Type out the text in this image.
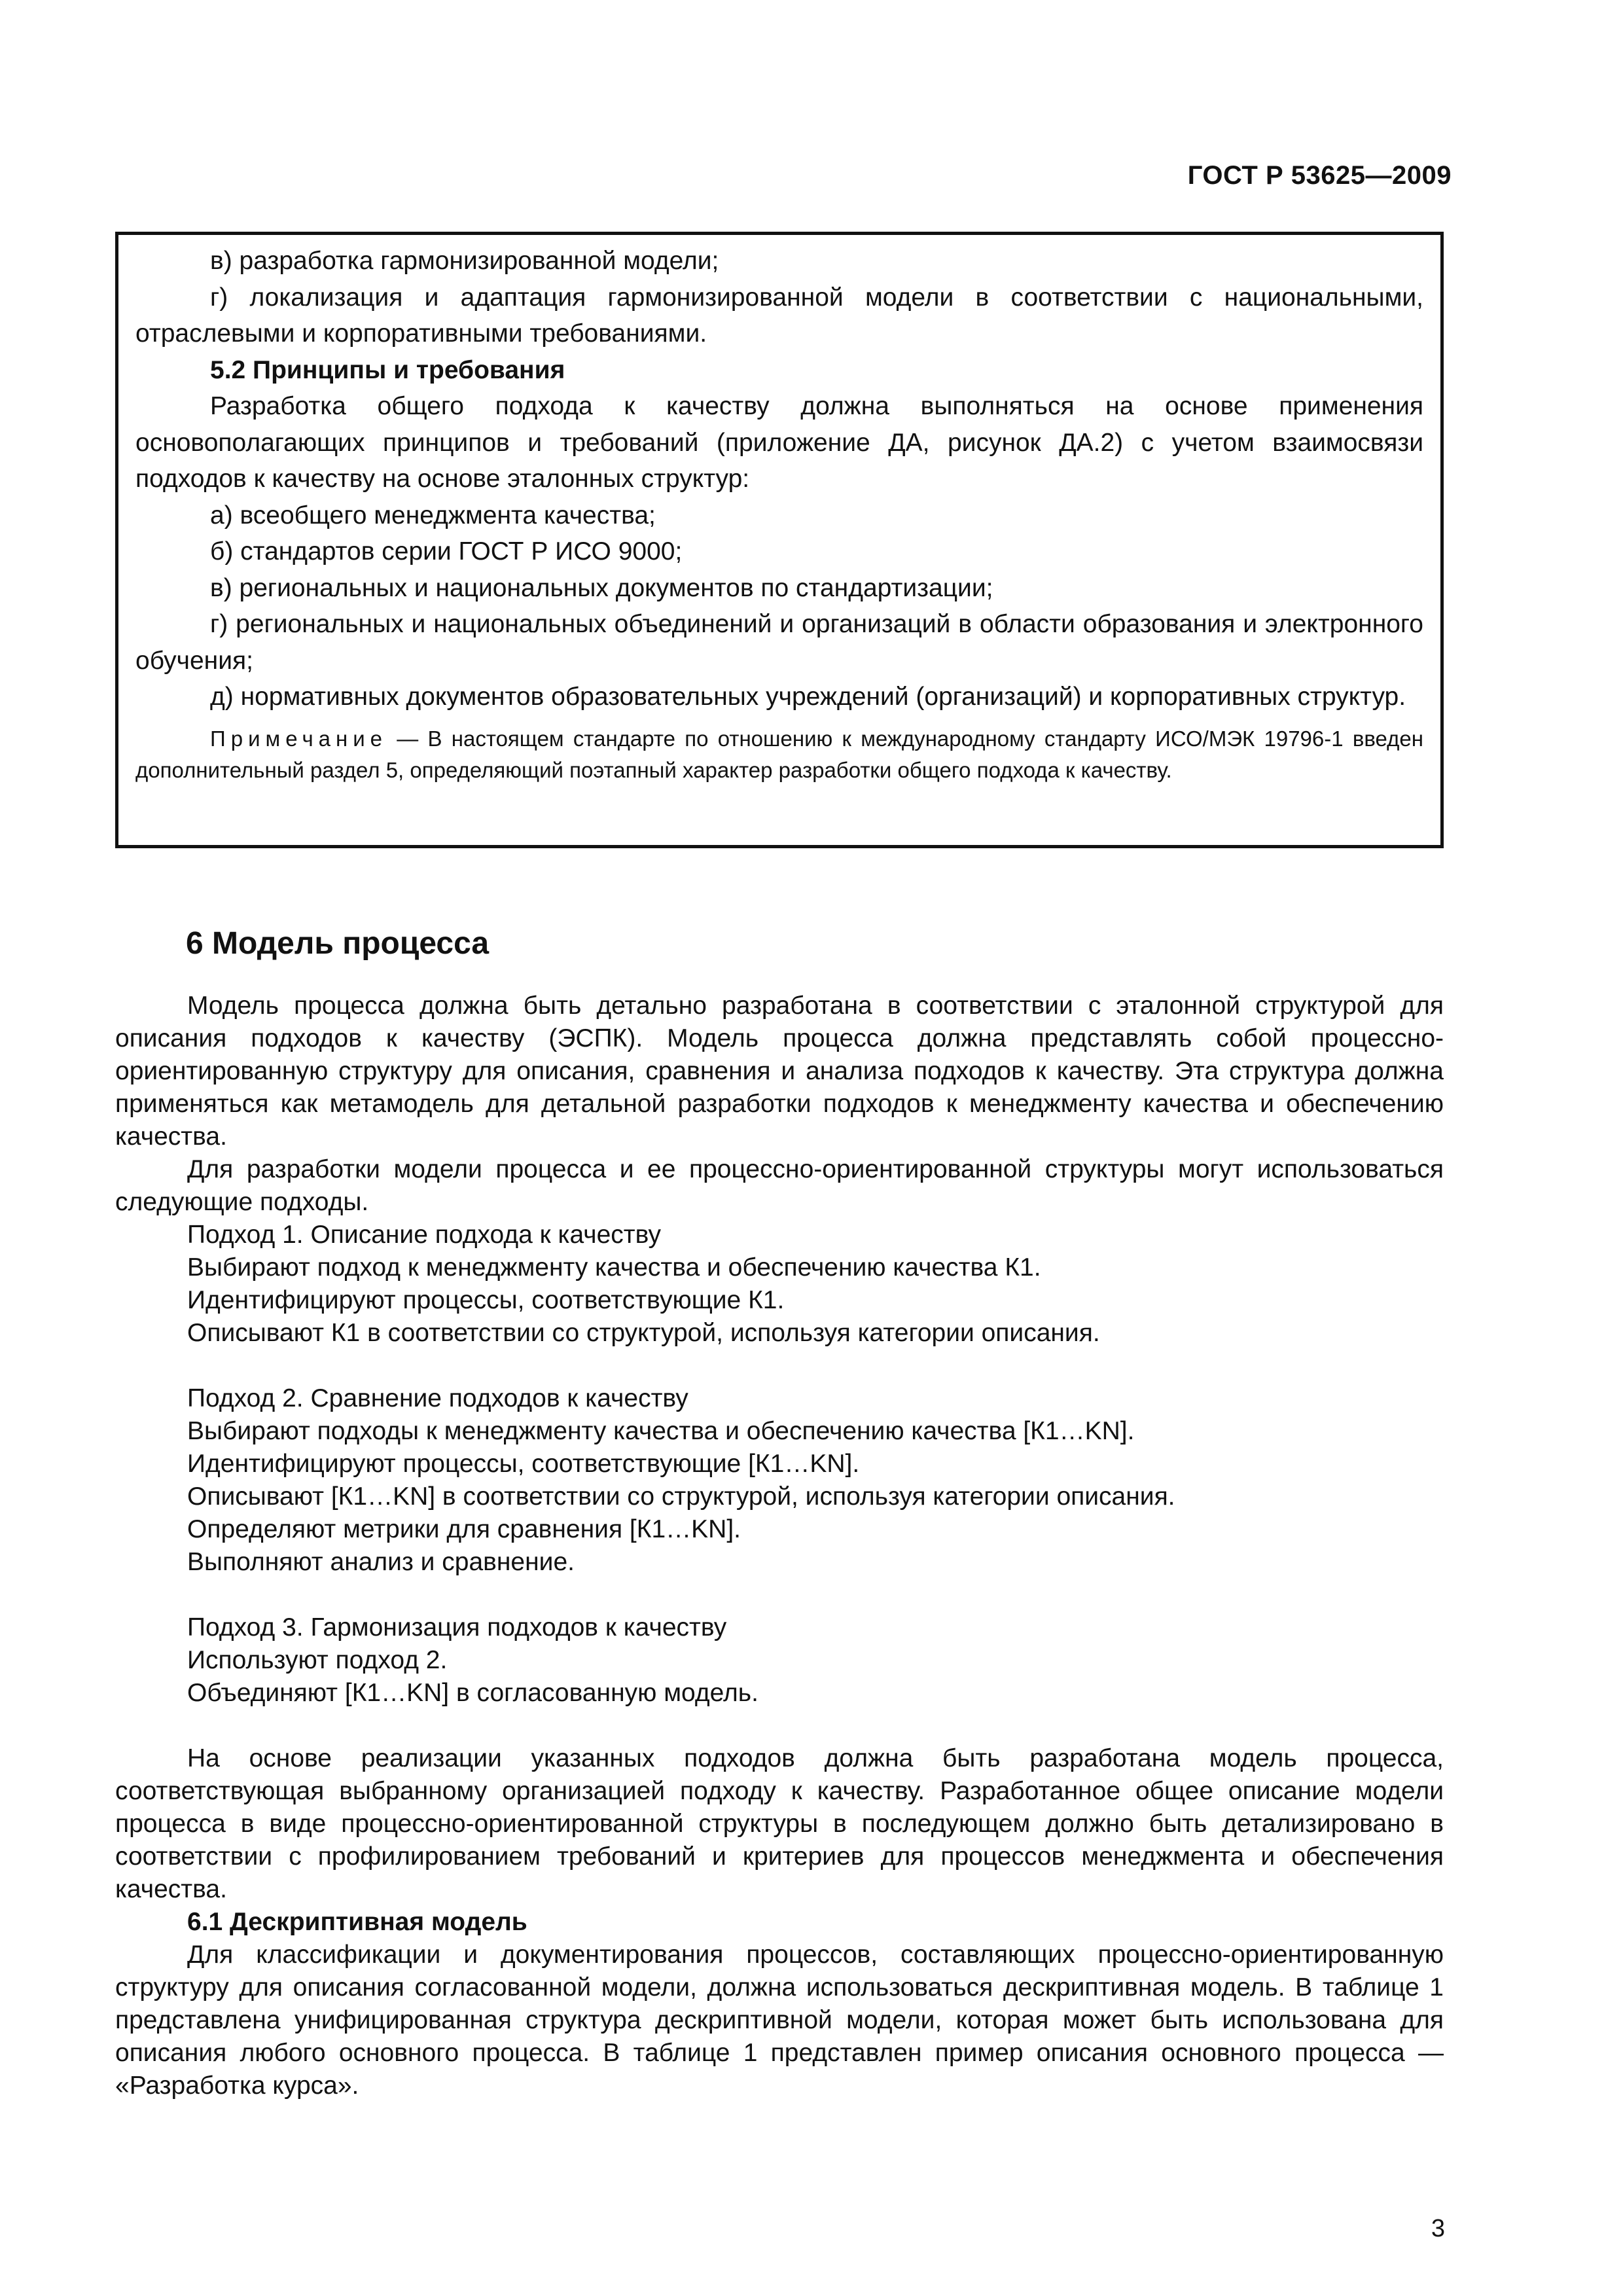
ГОСТ Р 53625—2009

в) разработка гармонизированной модели;

г) локализация и адаптация гармонизированной модели в соответствии с национальными, отраслевыми и корпоративными требованиями.

5.2 Принципы и требования

Разработка общего подхода к качеству должна выполняться на основе применения основополагающих принципов и требований (приложение ДА, рисунок ДА.2) с учетом взаимосвязи подходов к качеству на основе эталонных структур:

а) всеобщего менеджмента качества;

б) стандартов серии ГОСТ Р ИСО 9000;

в) региональных и национальных документов по стандартизации;

г) региональных и национальных объединений и организаций в области образования и электронного обучения;

д) нормативных документов образовательных учреждений (организаций) и корпоративных структур.

Примечание — В настоящем стандарте по отношению к международному стандарту ИСО/МЭК 19796-1 введен дополнительный раздел 5, определяющий поэтапный характер разработки общего подхода к качеству.

6 Модель процесса

Модель процесса должна быть детально разработана в соответствии с эталонной структурой для описания подходов к качеству (ЭСПК). Модель процесса должна представлять собой процессно-ориентированную структуру для описания, сравнения и анализа подходов к качеству. Эта структура должна применяться как метамодель для детальной разработки подходов к менеджменту качества и обеспечению качества.

Для разработки модели процесса и ее процессно-ориентированной структуры могут использоваться следующие подходы.

Подход 1. Описание подхода к качеству

Выбирают подход к менеджменту качества и обеспечению качества К1.

Идентифицируют процессы, соответствующие К1.

Описывают К1 в соответствии со структурой, используя категории описания.

Подход 2. Сравнение подходов к качеству

Выбирают подходы к менеджменту качества и обеспечению качества [К1…KN].

Идентифицируют процессы, соответствующие [К1…KN].

Описывают [К1…KN] в соответствии со структурой, используя категории описания.

Определяют метрики для сравнения [К1…KN].

Выполняют анализ и сравнение.

Подход 3. Гармонизация подходов к качеству

Используют подход 2.

Объединяют [К1…KN] в согласованную модель.

На основе реализации указанных подходов должна быть разработана модель процесса, соответствующая выбранному организацией подходу к качеству. Разработанное общее описание модели процесса в виде процессно-ориентированной структуры в последующем должно быть детализировано в соответствии с профилированием требований и критериев для процессов менеджмента и обеспечения качества.

6.1 Дескриптивная модель

Для классификации и документирования процессов, составляющих процессно-ориентированную структуру для описания согласованной модели, должна использоваться дескриптивная модель. В таблице 1 представлена унифицированная структура дескриптивной модели, которая может быть использована для описания любого основного процесса. В таблице 1 представлен пример описания основного процесса — «Разработка курса».

3
